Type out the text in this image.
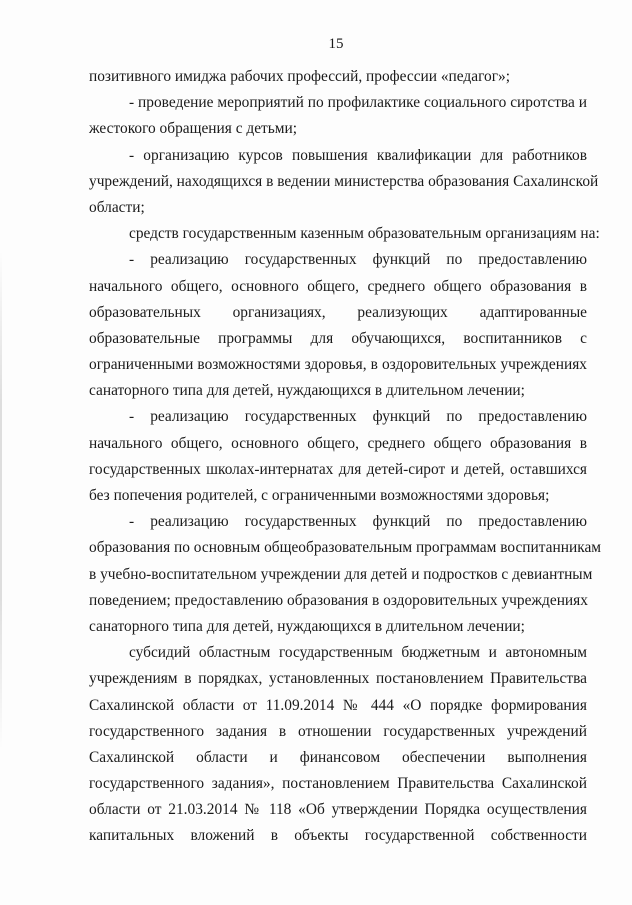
15
позитивного имиджа рабочих профессий, профессии «педагог»;
- проведение мероприятий по профилактике социального сиротства и
жестокого обращения с детьми;
- организацию курсов повышения квалификации для работников
учреждений, находящихся в ведении министерства образования Сахалинской
области;
средств государственным казенным образовательным организациям на:
- реализацию государственных функций по предоставлению
начального общего, основного общего, среднего общего образования в
образовательных организациях, реализующих адаптированные
образовательные программы для обучающихся, воспитанников с
ограниченными возможностями здоровья, в оздоровительных учреждениях
санаторного типа для детей, нуждающихся в длительном лечении;
- реализацию государственных функций по предоставлению
начального общего, основного общего, среднего общего образования в
государственных школах-интернатах для детей-сирот и детей, оставшихся
без попечения родителей, с ограниченными возможностями здоровья;
- реализацию государственных функций по предоставлению
образования по основным общеобразовательным программам воспитанникам
в учебно-воспитательном учреждении для детей и подростков с девиантным
поведением; предоставлению образования в оздоровительных учреждениях
санаторного типа для детей, нуждающихся в длительном лечении;
субсидий областным государственным бюджетным и автономным
учреждениям в порядках, установленных постановлением Правительства
Сахалинской области от 11.09.2014 № 444 «О порядке формирования
государственного задания в отношении государственных учреждений
Сахалинской области и финансовом обеспечении выполнения
государственного задания», постановлением Правительства Сахалинской
области от 21.03.2014 № 118 «Об утверждении Порядка осуществления
капитальных вложений в объекты государственной собственности
